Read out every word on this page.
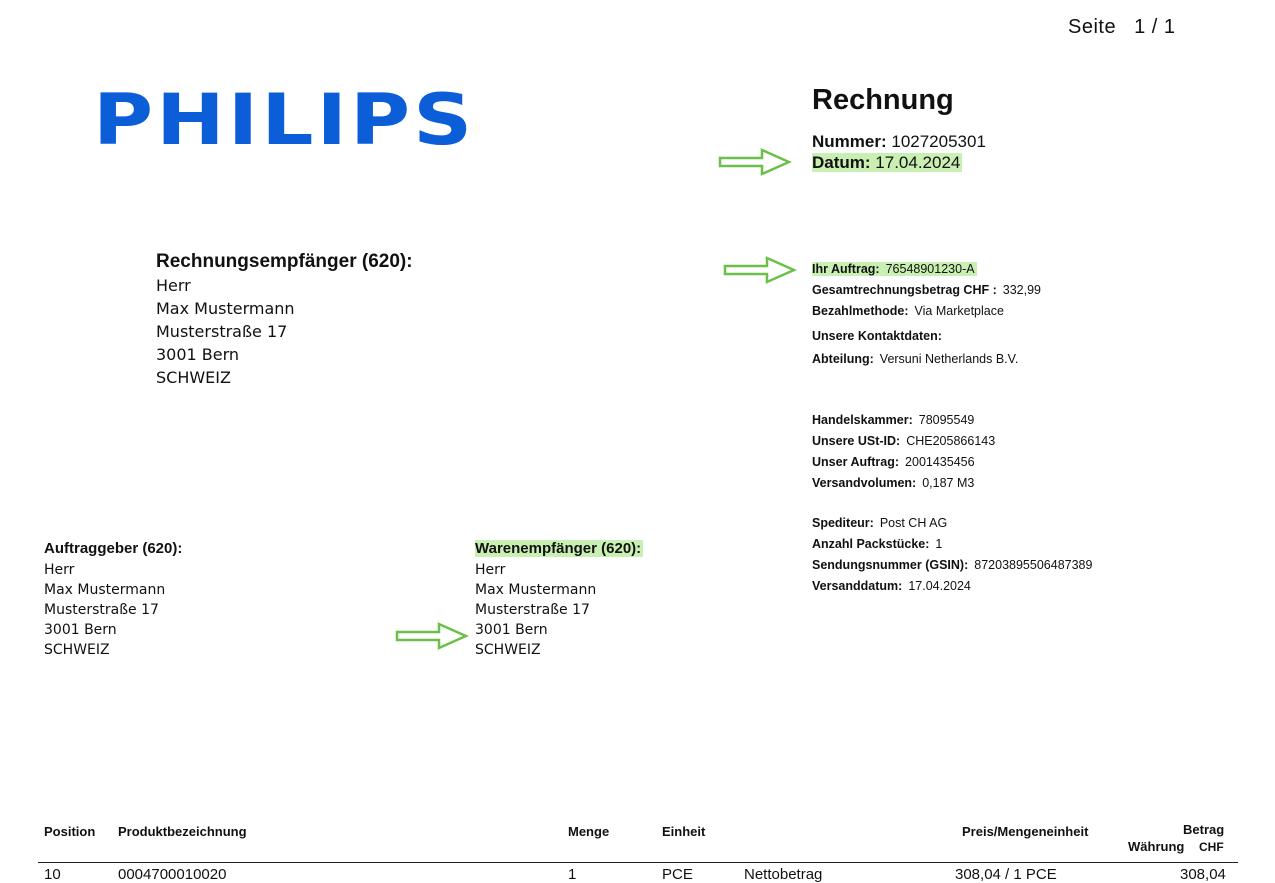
Seite 1 / 1
PHILIPS	Rechnung
Nummer: 1027205301
Datum: 17.04.2024
Rechnungsempfänger (620):
Herr
Max Mustermann
Musterstraße 17
3001 Bern
SCHWEIZ
Ihr Auftrag: 76548901230-A
Gesamtrechnungsbetrag CHF : 332,99
Bezahlmethode: Via Marketplace
Unsere Kontaktdaten:
Abteilung: Versuni Netherlands B.V.
Handelskammer: 78095549
Unsere USt-ID: CHE205866143
Unser Auftrag: 2001435456
Versandvolumen: 0,187 M3
Spediteur: Post CH AG
Anzahl Packstücke: 1
Sendungsnummer (GSIN): 87203895506487389
Versanddatum: 17.04.2024
Auftraggeber (620):
Herr
Max Mustermann
Musterstraße 17
3001 Bern
SCHWEIZ
Warenempfänger (620):
Herr
Max Mustermann
Musterstraße 17
3001 Bern
SCHWEIZ
Position Produktbezeichnung	Menge	Einheit	Preis/Mengeneinheit	Betrag
Währung CHF
10	0004700010020	1	PCE	Nettobetrag	308,04 / 1 PCE	308,04
